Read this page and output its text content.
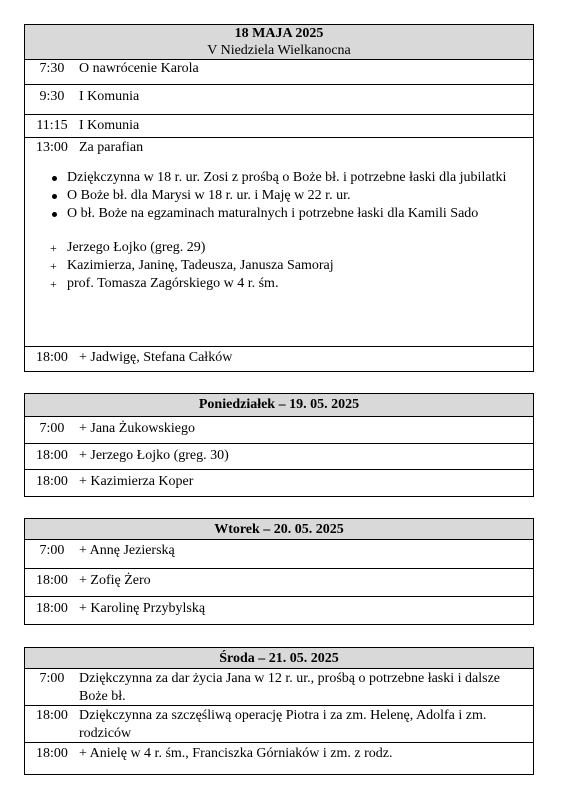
18 MAJA 2025
V Niedziela Wielkanocna
7:30	O nawrócenie Karola
9:30	I Komunia
11:15 I Komunia
13:00 Za parafian
Dziękczynna w 18 r. ur. Zosi z prośbą o Boże bł. i potrzebne łaski dla jubilatki
O Boże bł. dla Marysi w 18 r. ur. i Maję w 22 r. ur.
O bł. Boże na egzaminach maturalnych i potrzebne łaski dla Kamili Sado
+ Jerzego Łojko (greg. 29)
+ Kazimierza, Janinę, Tadeusza, Janusza Samoraj
+ prof. Tomasza Zagórskiego w 4 r. śm.
18:00 + Jadwigę, Stefana Całków
Poniedziałek – 19. 05. 2025
7:00	+ Jana Żukowskiego
18:00 + Jerzego Łojko (greg. 30)
18:00 + Kazimierza Koper
Wtorek – 20. 05. 2025
7:00	+ Annę Jezierską
18:00 + Zofię Żero
18:00 + Karolinę Przybylską
Środa – 21. 05. 2025
7:00	Dziękczynna za dar życia Jana w 12 r. ur., prośbą o potrzebne łaski i dalsze Boże bł.
18:00 Dziękczynna za szczęśliwą operację Piotra i za zm. Helenę, Adolfa i zm. rodziców
18:00 + Anielę w 4 r. śm., Franciszka Górniaków i zm. z rodz.
